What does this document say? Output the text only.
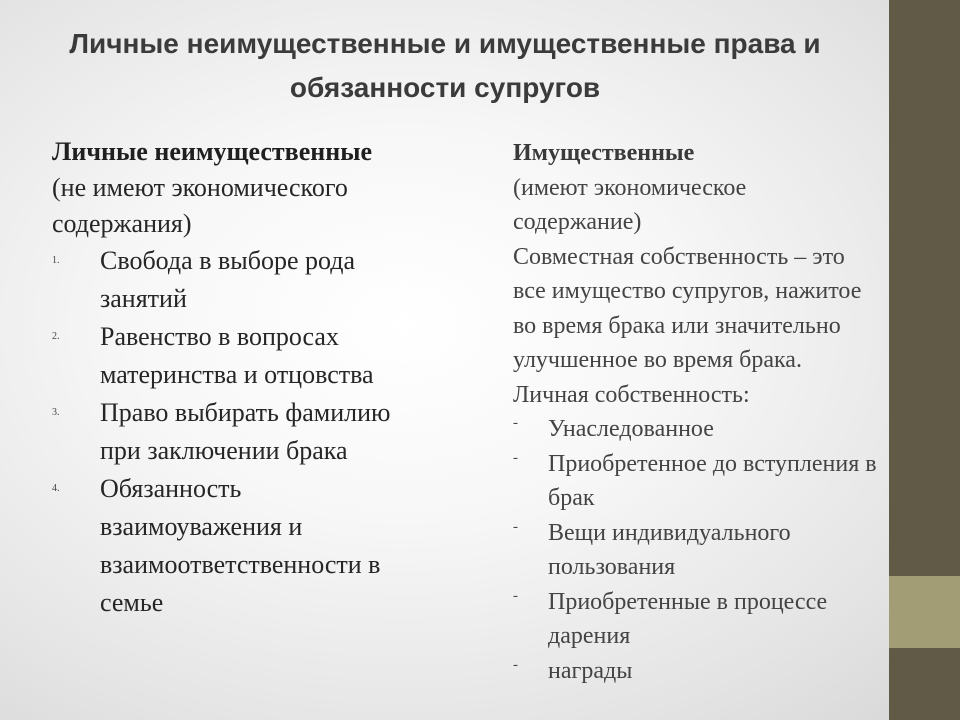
Личные неимущественные и имущественные права и
обязанности супругов
Личные неимущественные
(не имеют экономического
содержания)
1. Свобода в выборе рода
занятий
2. Равенство в вопросах
материнства и отцовства
3. Право выбирать фамилию
при заключении брака
4. Обязанность
взаимоуважения и
взаимоответственности в
семье
Имущественные
(имеют экономическое
содержание)
Совместная собственность – это
все имущество супругов, нажитое
во время брака или значительно
улучшенное во время брака.
Личная собственность:
- Унаследованное
- Приобретенное до вступления в
брак
- Вещи индивидуального
пользования
- Приобретенные в процессе
дарения
- награды
